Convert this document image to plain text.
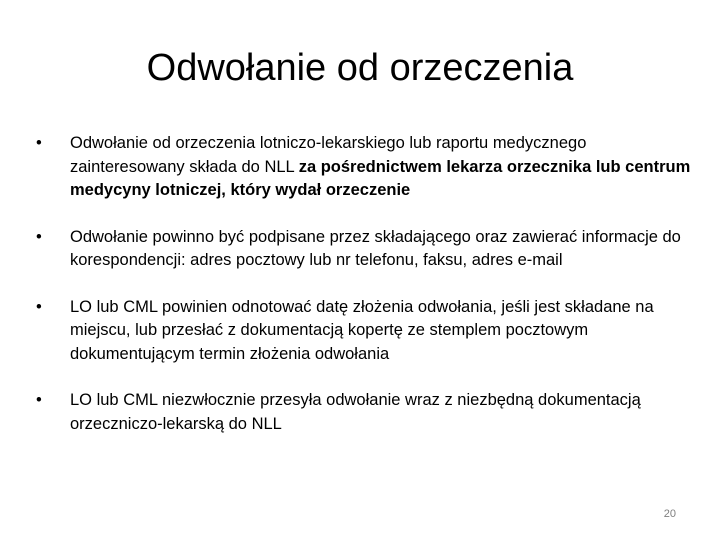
Odwołanie od orzeczenia
•	Odwołanie od orzeczenia lotniczo-lekarskiego lub raportu medycznego zainteresowany składa do NLL za pośrednictwem lekarza orzecznika lub centrum medycyny lotniczej, który wydał orzeczenie
•	Odwołanie powinno być podpisane przez składającego oraz zawierać informacje do korespondencji: adres pocztowy lub nr telefonu, faksu, adres e-mail
•	LO lub CML powinien odnotować datę złożenia odwołania, jeśli jest składane na miejscu, lub przesłać z dokumentacją kopertę ze stemplem pocztowym dokumentującym termin złożenia odwołania
•	LO lub CML niezwłocznie przesyła odwołanie wraz z niezbędną dokumentacją orzeczniczo-lekarską do NLL
20
